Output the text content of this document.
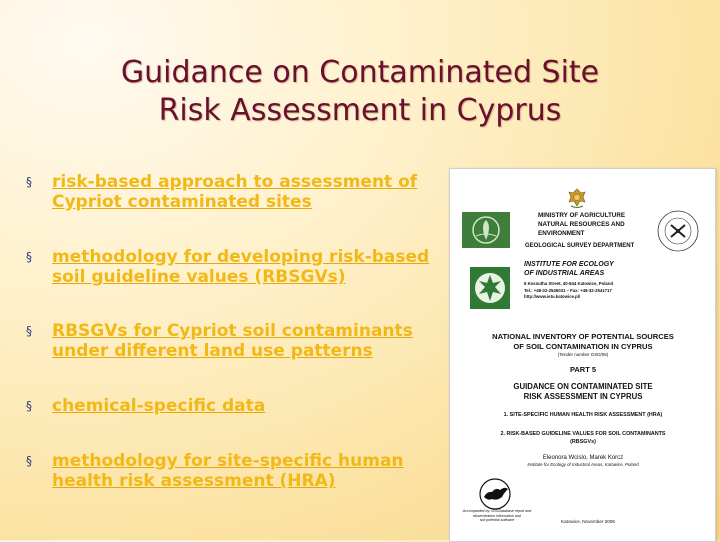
Guidance on Contaminated Site
Risk Assessment in Cyprus
§ risk-based approach to assessment of
Cypriot contaminated sites
§ methodology for developing risk-based
soil guideline values (RBSGVs)
§ RBSGVs for Cypriot soil contaminants
under different land use patterns
§ chemical-specific data
§ methodology for site-specific human
health risk assessment (HRA)
MINISTRY OF AGRICULTURE
NATURAL RESOURCES AND
ENVIRONMENT
GEOLOGICAL SURVEY DEPARTMENT
INSTITUTE FOR ECOLOGY
OF INDUSTRIAL AREAS
6 Kossutha Street, 40-844 Katowice, Poland
Tel.: +48-32-2546031 – Fax: +48-32-2541717
http://www.ietu.katowice.pl/
NATIONAL INVENTORY OF POTENTIAL SOURCES
OF SOIL CONTAMINATION IN CYPRUS
(Tender number GSD/06)
PART 5
GUIDANCE ON CONTAMINATED SITE
RISK ASSESSMENT IN CYPRUS
1. SITE-SPECIFIC HUMAN HEALTH RISK ASSESSMENT (HRA)
2. RISK-BASED GUIDELINE VALUES FOR SOIL CONTAMINANTS
(RBSGVs)
Eleonora Wcislo, Marek Korcz
Institute for Ecology of Industrial Areas, Katowice, Poland
Accompanied by: GIS/Database report and
dissemination information and
soil potential software	Katowice, November 2006
